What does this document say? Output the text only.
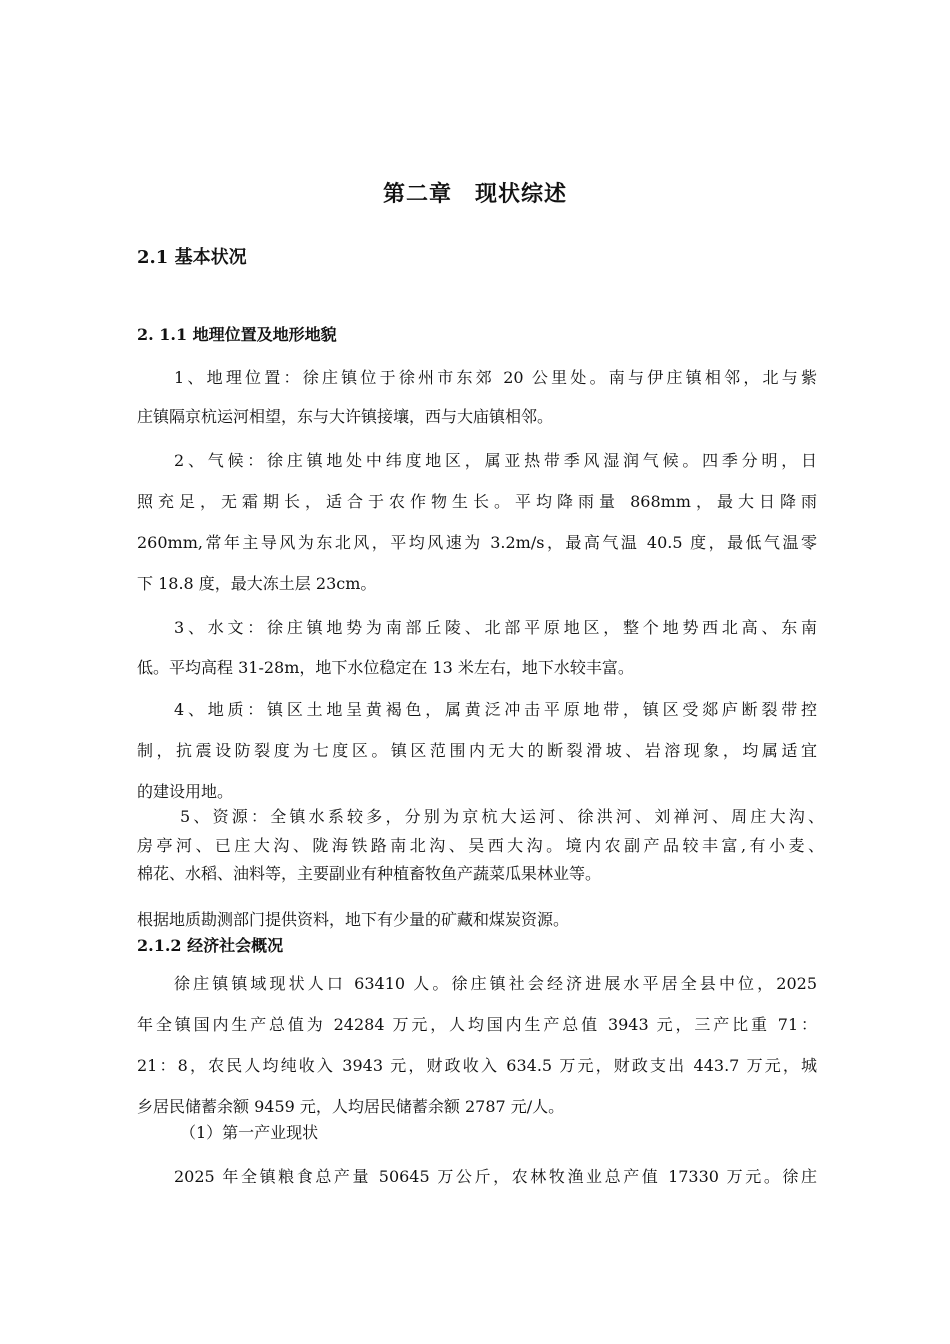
第二章　现状综述
2.1 基本状况
2. 1.1 地理位置及地形地貌
1、地理位置：徐庄镇位于徐州市东郊 20 公里处。南与伊庄镇相邻，北与紫
庄镇隔京杭运河相望，东与大许镇接壤，西与大庙镇相邻。
2、气候：徐庄镇地处中纬度地区，属亚热带季风湿润气候。四季分明，日
照充足，无霜期长，适合于农作物生长。平均降雨量 868mm，最大日降雨
260mm,常年主导风为东北风，平均风速为 3.2m/s，最高气温 40.5 度，最低气温零
下 18.8 度，最大冻土层 23cm。
3、水文：徐庄镇地势为南部丘陵、北部平原地区，整个地势西北高、东南
低。平均高程 31-28m，地下水位稳定在 13 米左右，地下水较丰富。
4、地质：镇区土地呈黄褐色，属黄泛冲击平原地带，镇区受郯庐断裂带控
制，抗震设防裂度为七度区。镇区范围内无大的断裂滑坡、岩溶现象，均属适宜
的建设用地。
5、资源：全镇水系较多，分别为京杭大运河、徐洪河、刘禅河、周庄大沟、
房亭河、已庄大沟、陇海铁路南北沟、吴西大沟。境内农副产品较丰富,有小麦、
棉花、水稻、油料等，主要副业有种植畜牧鱼产蔬菜瓜果林业等。
根据地质勘测部门提供资料，地下有少量的矿藏和煤炭资源。
2.1.2 经济社会概况
徐庄镇镇域现状人口 63410 人。徐庄镇社会经济进展水平居全县中位，2025
年全镇国内生产总值为 24284 万元，人均国内生产总值 3943 元，三产比重 71：
21：8，农民人均纯收入 3943 元，财政收入 634.5 万元，财政支出 443.7 万元，城
乡居民储蓄余额 9459 元，人均居民储蓄余额 2787 元/人。
（1）第一产业现状
2025 年全镇粮食总产量 50645 万公斤，农林牧渔业总产值 17330 万元。徐庄
